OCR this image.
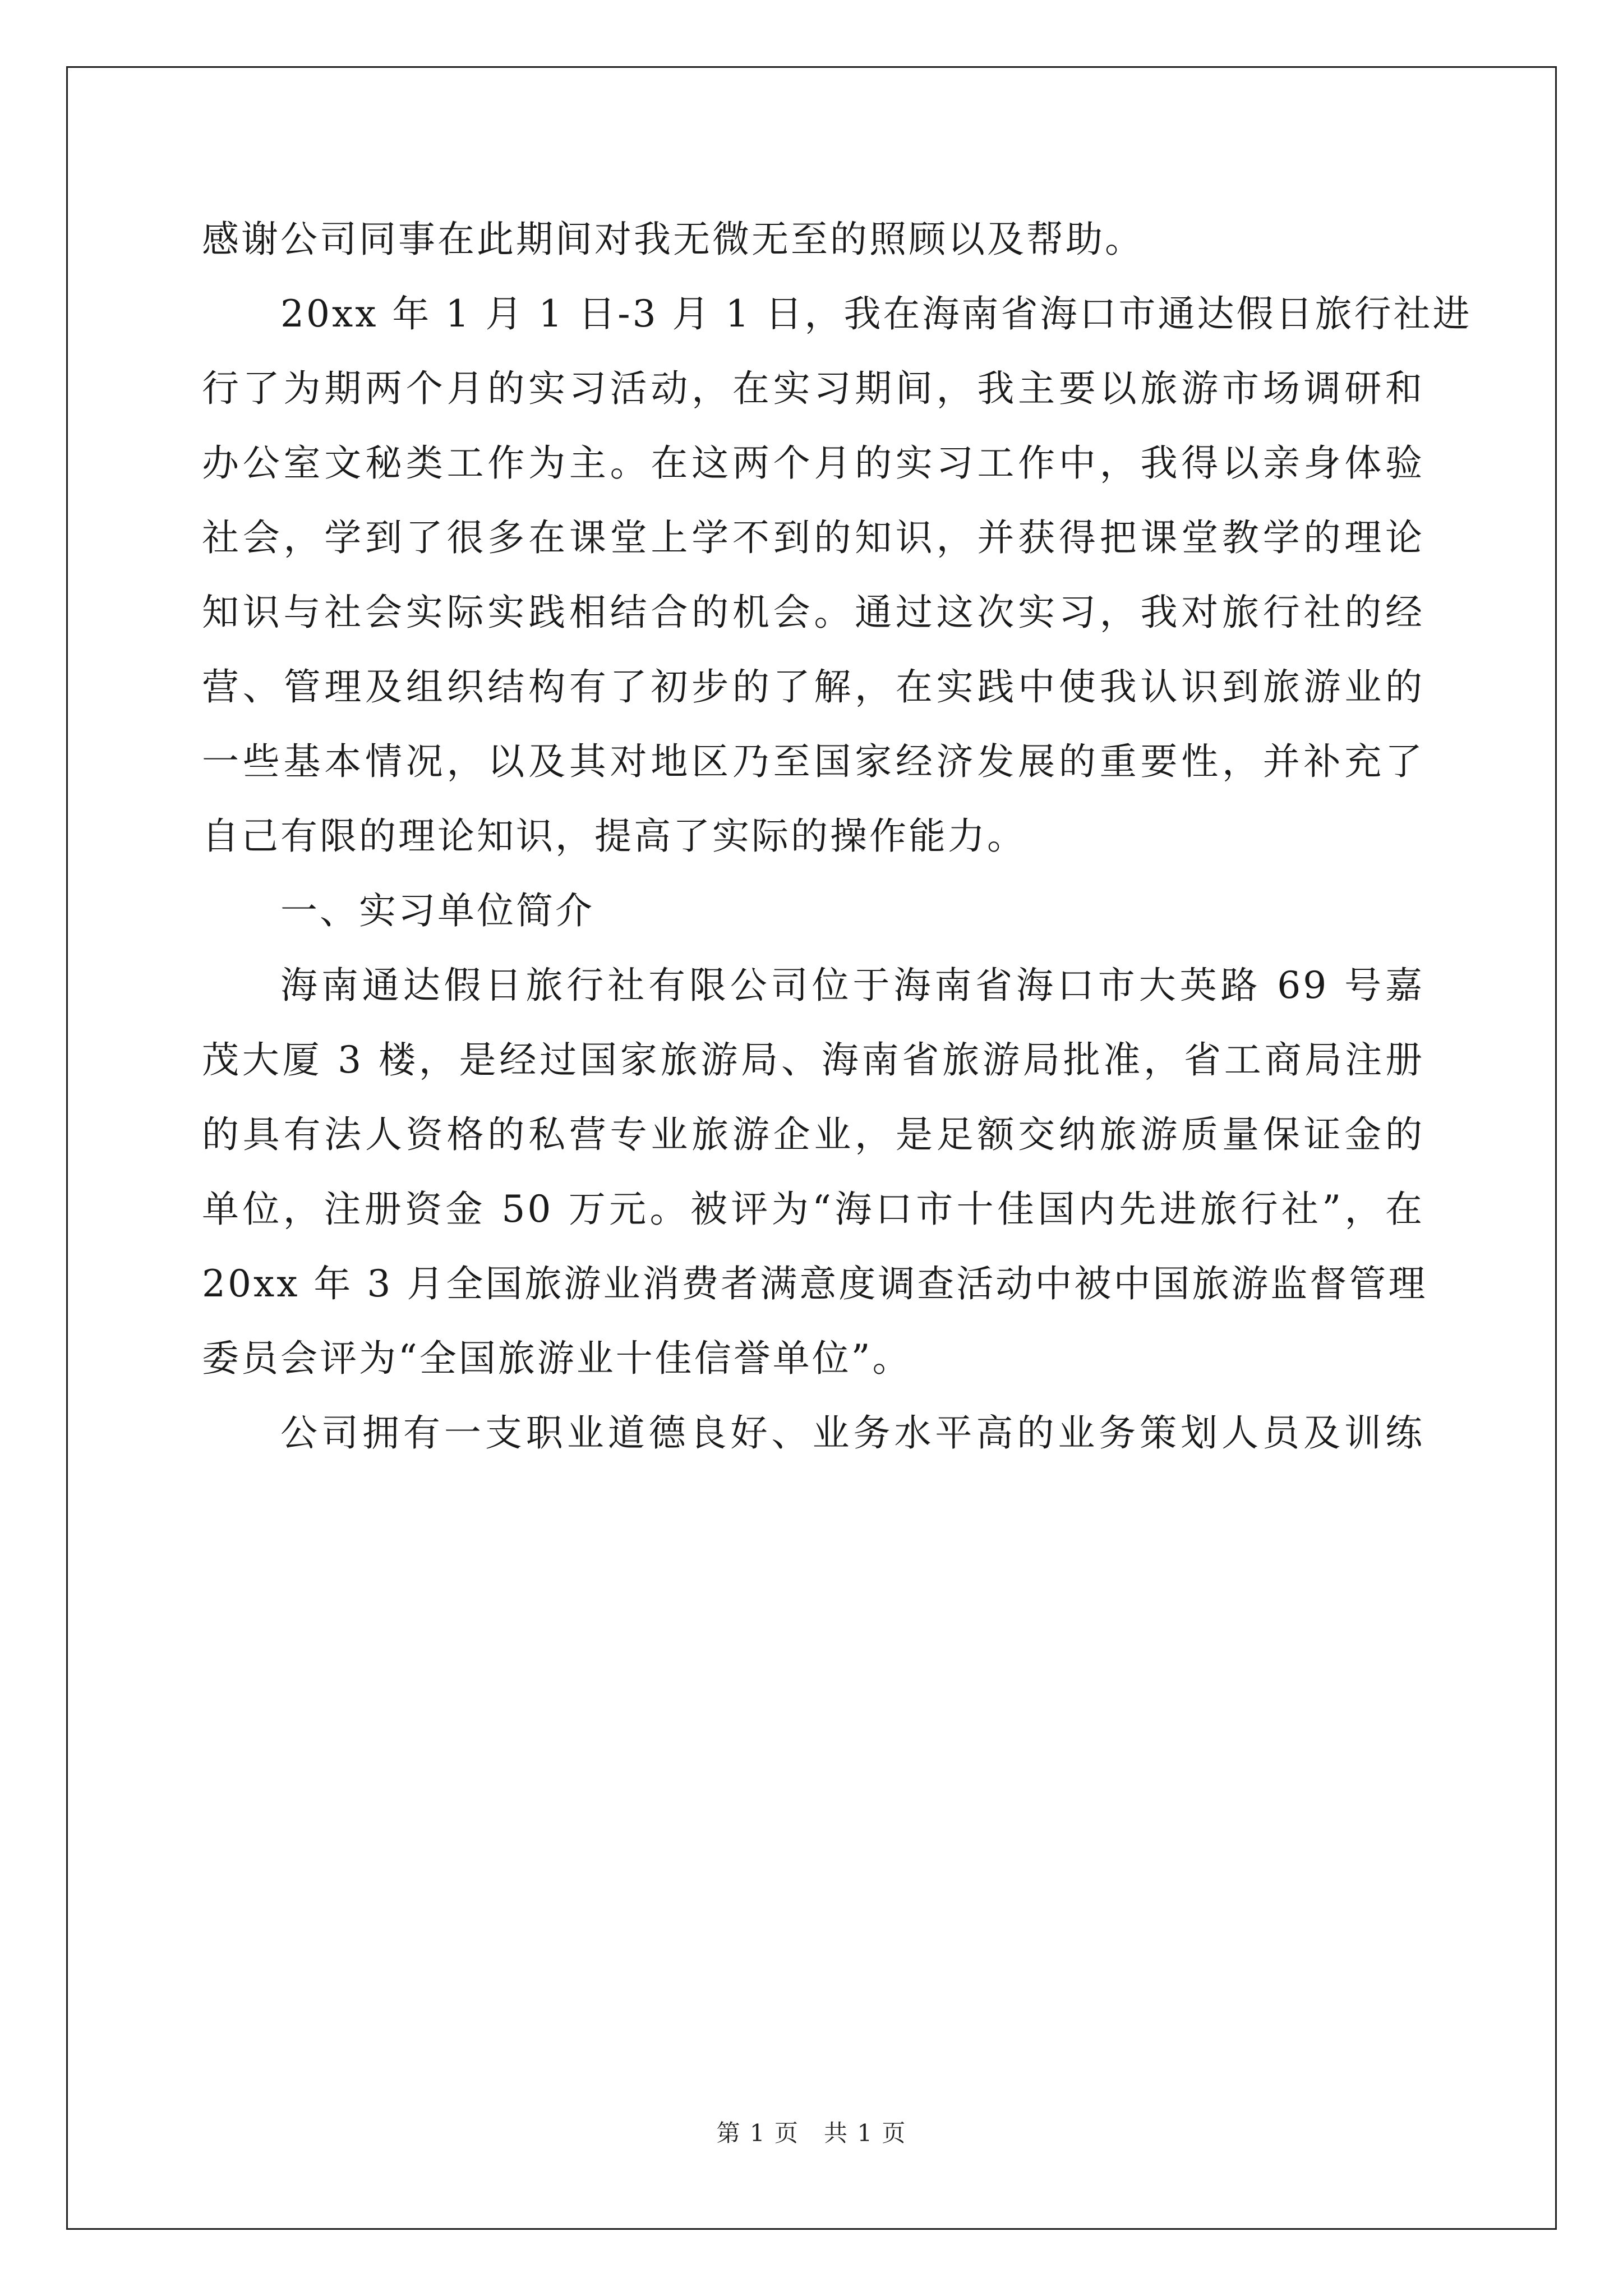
感谢公司同事在此期间对我无微无至的照顾以及帮助。
20xx 年 1 月 1 日-3 月 1 日，我在海南省海口市通达假日旅行社进
行了为期两个月的实习活动，在实习期间，我主要以旅游市场调研和
办公室文秘类工作为主。在这两个月的实习工作中，我得以亲身体验
社会，学到了很多在课堂上学不到的知识，并获得把课堂教学的理论
知识与社会实际实践相结合的机会。通过这次实习，我对旅行社的经
营、管理及组织结构有了初步的了解，在实践中使我认识到旅游业的
一些基本情况，以及其对地区乃至国家经济发展的重要性，并补充了
自己有限的理论知识，提高了实际的操作能力。
一、实习单位简介
海南通达假日旅行社有限公司位于海南省海口市大英路 69 号嘉
茂大厦 3 楼，是经过国家旅游局、海南省旅游局批准，省工商局注册
的具有法人资格的私营专业旅游企业，是足额交纳旅游质量保证金的
单位，注册资金 50 万元。被评为“海口市十佳国内先进旅行社”，在
20xx 年 3 月全国旅游业消费者满意度调查活动中被中国旅游监督管理
委员会评为“全国旅游业十佳信誉单位”。
公司拥有一支职业道德良好、业务水平高的业务策划人员及训练
第 1 页　共 1 页
